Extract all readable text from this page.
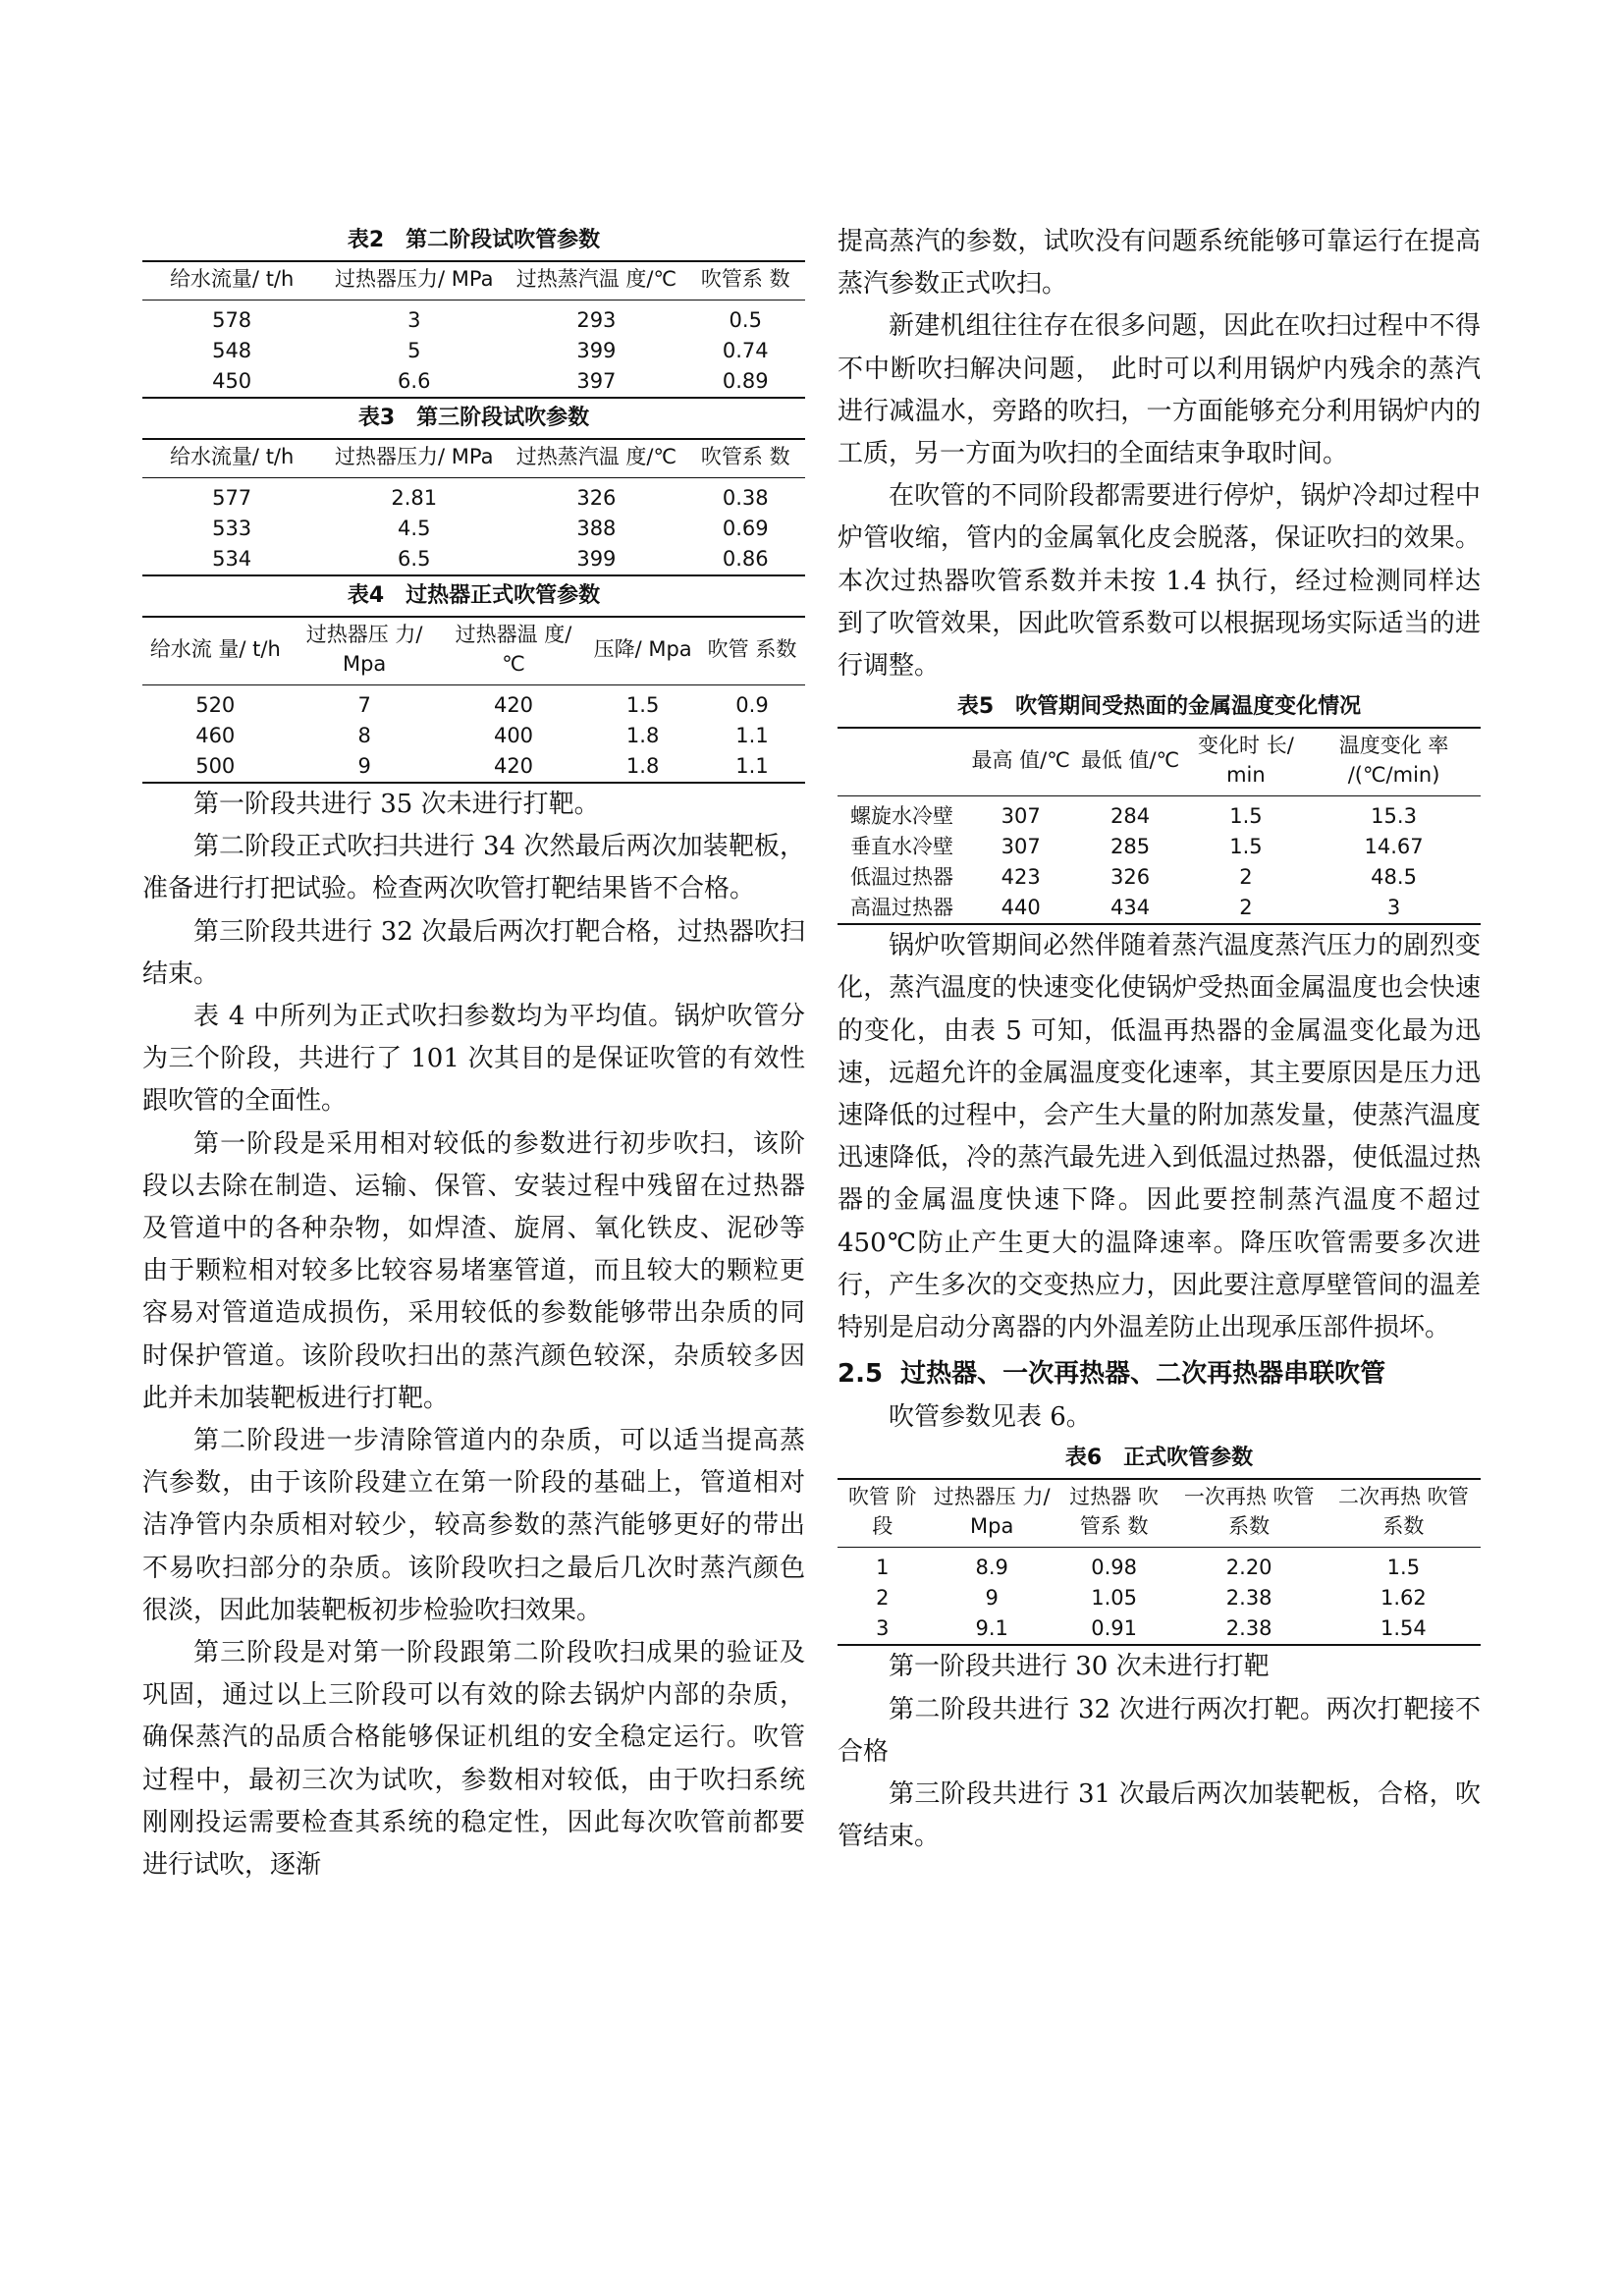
表2　第二阶段试吹管参数
给水流量/ t/h	过热器压力/ MPa	过热蒸汽温 度/℃	吹管系 数
578	3	293	0.5
548	5	399	0.74
450	6.6	397	0.89
表3　第三阶段试吹参数
给水流量/ t/h	过热器压力/ MPa	过热蒸汽温 度/℃	吹管系 数
577	2.81	326	0.38
533	4.5	388	0.69
534	6.5	399	0.86
表4　过热器正式吹管参数
给水流 量/ t/h	过热器压 力/ Mpa	过热器温 度/℃	压降/ Mpa	吹管 系数
520	7	420	1.5	0.9
460	8	400	1.8	1.1
500	9	420	1.8	1.1

第一阶段共进行 35 次未进行打靶。

第二阶段正式吹扫共进行 34 次然最后两次加装靶板，准备进行打把试验。检查两次吹管打靶结果皆不合格。

第三阶段共进行 32 次最后两次打靶合格，过热器吹扫结束。

表 4 中所列为正式吹扫参数均为平均值。锅炉吹管分为三个阶段，共进行了 101 次其目的是保证吹管的有效性跟吹管的全面性。

第一阶段是采用相对较低的参数进行初步吹扫，该阶段以去除在制造、运输、保管、安装过程中残留在过热器及管道中的各种杂物，如焊渣、旋屑、氧化铁皮、泥砂等由于颗粒相对较多比较容易堵塞管道，而且较大的颗粒更容易对管道造成损伤，采用较低的参数能够带出杂质的同时保护管道。该阶段吹扫出的蒸汽颜色较深，杂质较多因此并未加装靶板进行打靶。

第二阶段进一步清除管道内的杂质，可以适当提高蒸汽参数，由于该阶段建立在第一阶段的基础上，管道相对洁净管内杂质相对较少，较高参数的蒸汽能够更好的带出不易吹扫部分的杂质。该阶段吹扫之最后几次时蒸汽颜色很淡，因此加装靶板初步检验吹扫效果。

第三阶段是对第一阶段跟第二阶段吹扫成果的验证及巩固，通过以上三阶段可以有效的除去锅炉内部的杂质，确保蒸汽的品质合格能够保证机组的安全稳定运行。吹管过程中，最初三次为试吹，参数相对较低，由于吹扫系统刚刚投运需要检查其系统的稳定性，因此每次吹管前都要进行试吹，逐渐

提高蒸汽的参数，试吹没有问题系统能够可靠运行在提高蒸汽参数正式吹扫。

新建机组往往存在很多问题，因此在吹扫过程中不得不中断吹扫解决问题， 此时可以利用锅炉内残余的蒸汽进行减温水，旁路的吹扫，一方面能够充分利用锅炉内的工质，另一方面为吹扫的全面结束争取时间。

在吹管的不同阶段都需要进行停炉，锅炉冷却过程中炉管收缩，管内的金属氧化皮会脱落，保证吹扫的效果。本次过热器吹管系数并未按 1.4 执行，经过检测同样达到了吹管效果，因此吹管系数可以根据现场实际适当的进行调整。

表5　吹管期间受热面的金属温度变化情况
	最高 值/℃	最低 值/℃	变化时 长/ min	温度变化 率 /(℃/min)
螺旋水冷壁	307	284	1.5	15.3
垂直水冷壁	307	285	1.5	14.67
低温过热器	423	326	2	48.5
高温过热器	440	434	2	3

锅炉吹管期间必然伴随着蒸汽温度蒸汽压力的剧烈变化，蒸汽温度的快速变化使锅炉受热面金属温度也会快速的变化，由表 5 可知，低温再热器的金属温变化最为迅速，远超允许的金属温度变化速率，其主要原因是压力迅速降低的过程中，会产生大量的附加蒸发量，使蒸汽温度迅速降低，冷的蒸汽最先进入到低温过热器，使低温过热器的金属温度快速下降。因此要控制蒸汽温度不超过 450℃防止产生更大的温降速率。降压吹管需要多次进行，产生多次的交变热应力，因此要注意厚壁管间的温差特别是启动分离器的内外温差防止出现承压部件损坏。

2.5 过热器、一次再热器、二次再热器串联吹管

吹管参数见表 6。

表6　正式吹管参数
吹管 阶段	过热器压 力/ Mpa	过热器 吹管系 数	一次再热 吹管系数	二次再热 吹管系数
1	8.9	0.98	2.20	1.5
2	9	1.05	2.38	1.62
3	9.1	0.91	2.38	1.54

第一阶段共进行 30 次未进行打靶

第二阶段共进行 32 次进行两次打靶。两次打靶接不合格

第三阶段共进行 31 次最后两次加装靶板，合格，吹管结束。
